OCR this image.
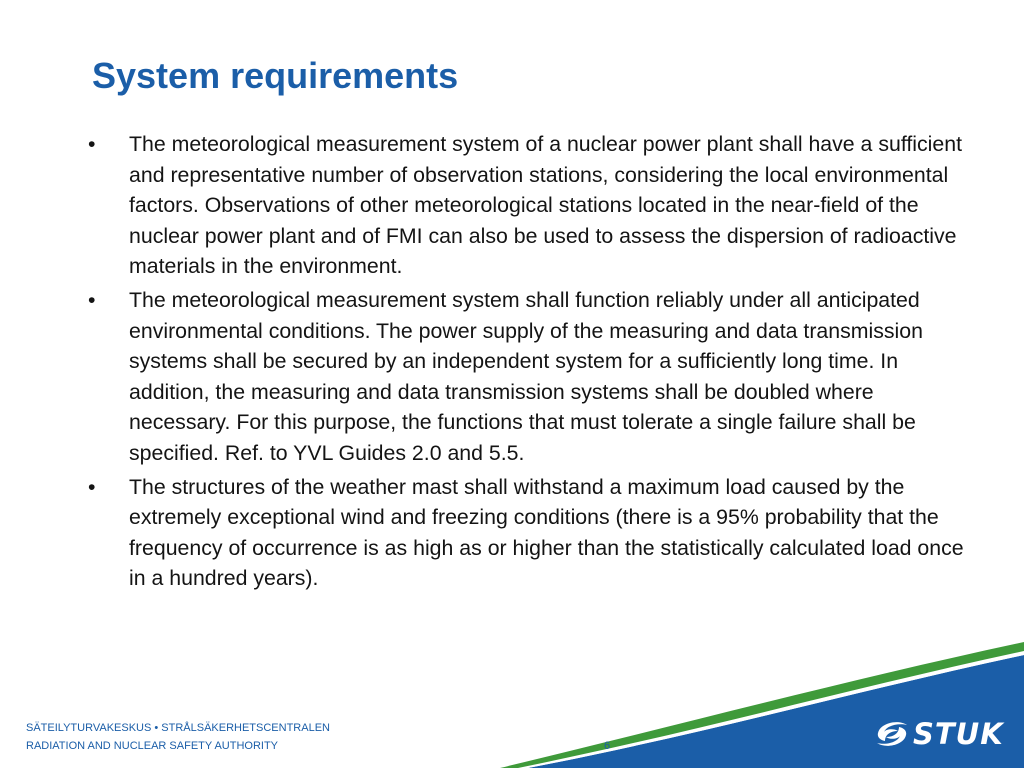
System requirements
• The meteorological measurement system of a nuclear power plant shall have a sufficient and representative number of observation stations, considering the local environmental factors. Observations of other meteorological stations located in the near-field of the nuclear power plant and of FMI can also be used to assess the dispersion of radioactive materials in the environment.
• The meteorological measurement system shall function reliably under all anticipated environmental conditions. The power supply of the measuring and data transmission systems shall be secured by an independent system for a sufficiently long time. In addition, the measuring and data transmission systems shall be doubled where necessary. For this purpose, the functions that must tolerate a single failure shall be specified. Ref. to YVL Guides 2.0 and 5.5.
• The structures of the weather mast shall withstand a maximum load caused by the extremely exceptional wind and freezing conditions (there is a 95% probability that the frequency of occurrence is as high as or higher than the statistically calculated load once in a hundred years).
SÄTEILYTURVAKESKUS • STRÅLSÄKERHETSCENTRALEN
RADIATION AND NUCLEAR SAFETY AUTHORITY	6	STUK
